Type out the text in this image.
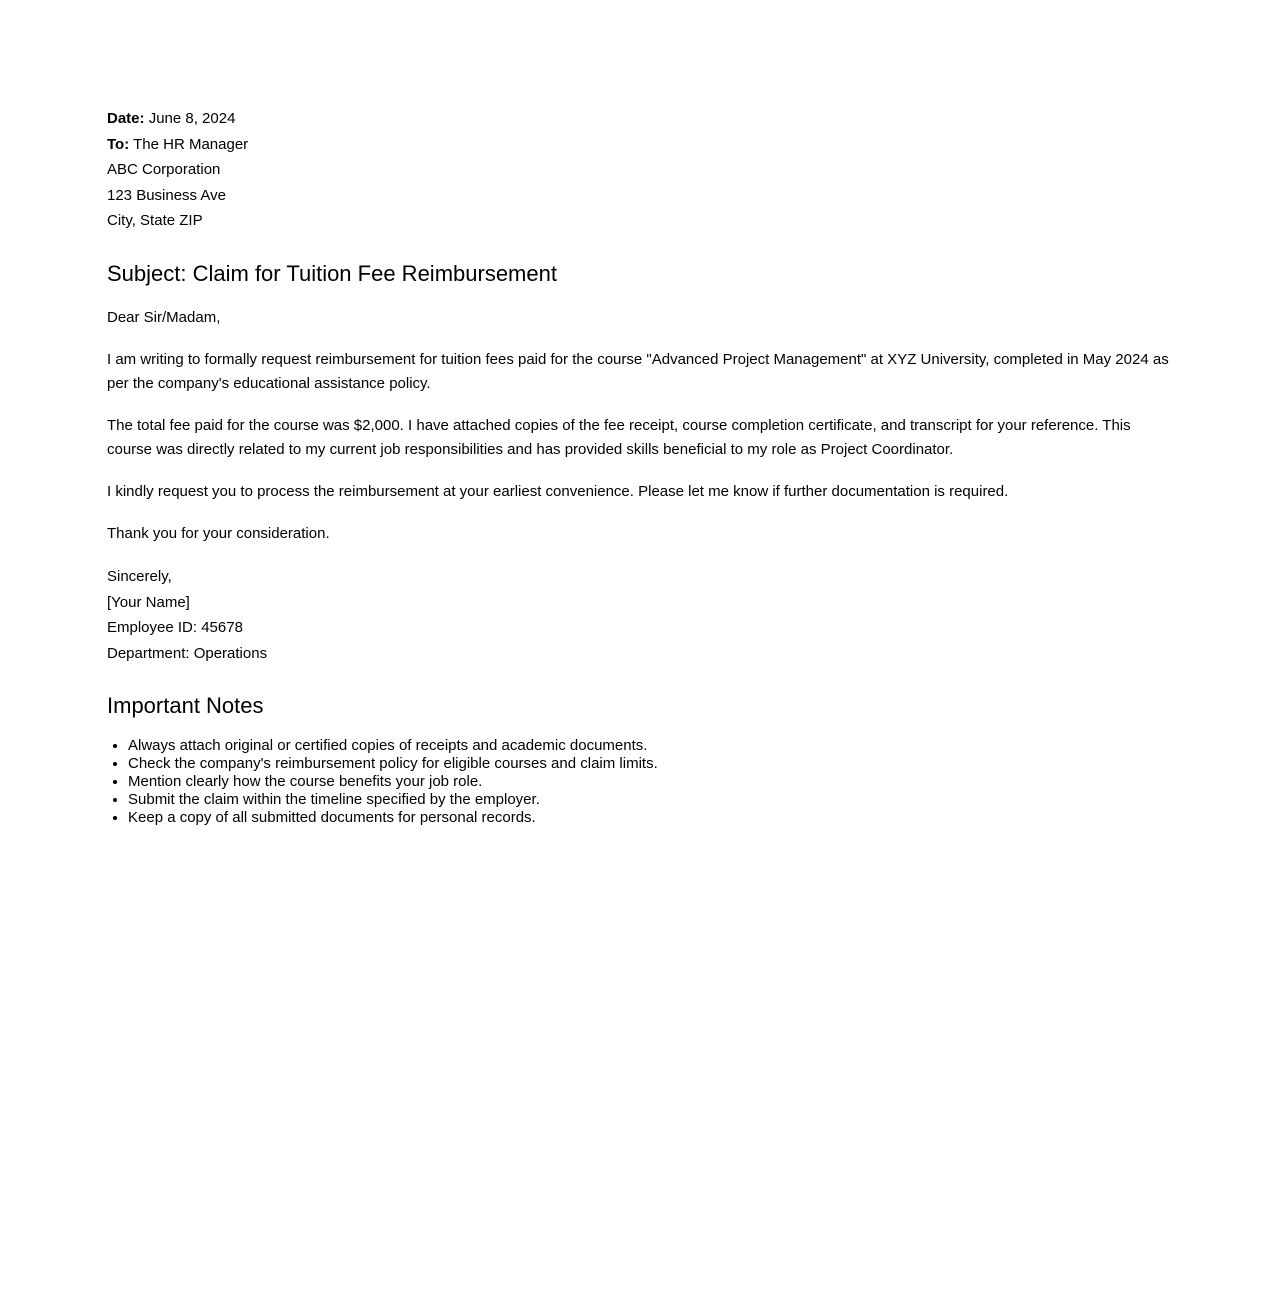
Date: June 8, 2024
To: The HR Manager
ABC Corporation
123 Business Ave
City, State ZIP
Subject: Claim for Tuition Fee Reimbursement

Dear Sir/Madam,

I am writing to formally request reimbursement for tuition fees paid for the course "Advanced Project Management" at XYZ University, completed in May 2024 as per the company's educational assistance policy.

The total fee paid for the course was $2,000. I have attached copies of the fee receipt, course completion certificate, and transcript for your reference. This course was directly related to my current job responsibilities and has provided skills beneficial to my role as Project Coordinator.

I kindly request you to process the reimbursement at your earliest convenience. Please let me know if further documentation is required.

Thank you for your consideration.

Sincerely,
[Your Name]
Employee ID: 45678
Department: Operations
Important Notes
• Always attach original or certified copies of receipts and academic documents.
• Check the company's reimbursement policy for eligible courses and claim limits.
• Mention clearly how the course benefits your job role.
• Submit the claim within the timeline specified by the employer.
• Keep a copy of all submitted documents for personal records.
